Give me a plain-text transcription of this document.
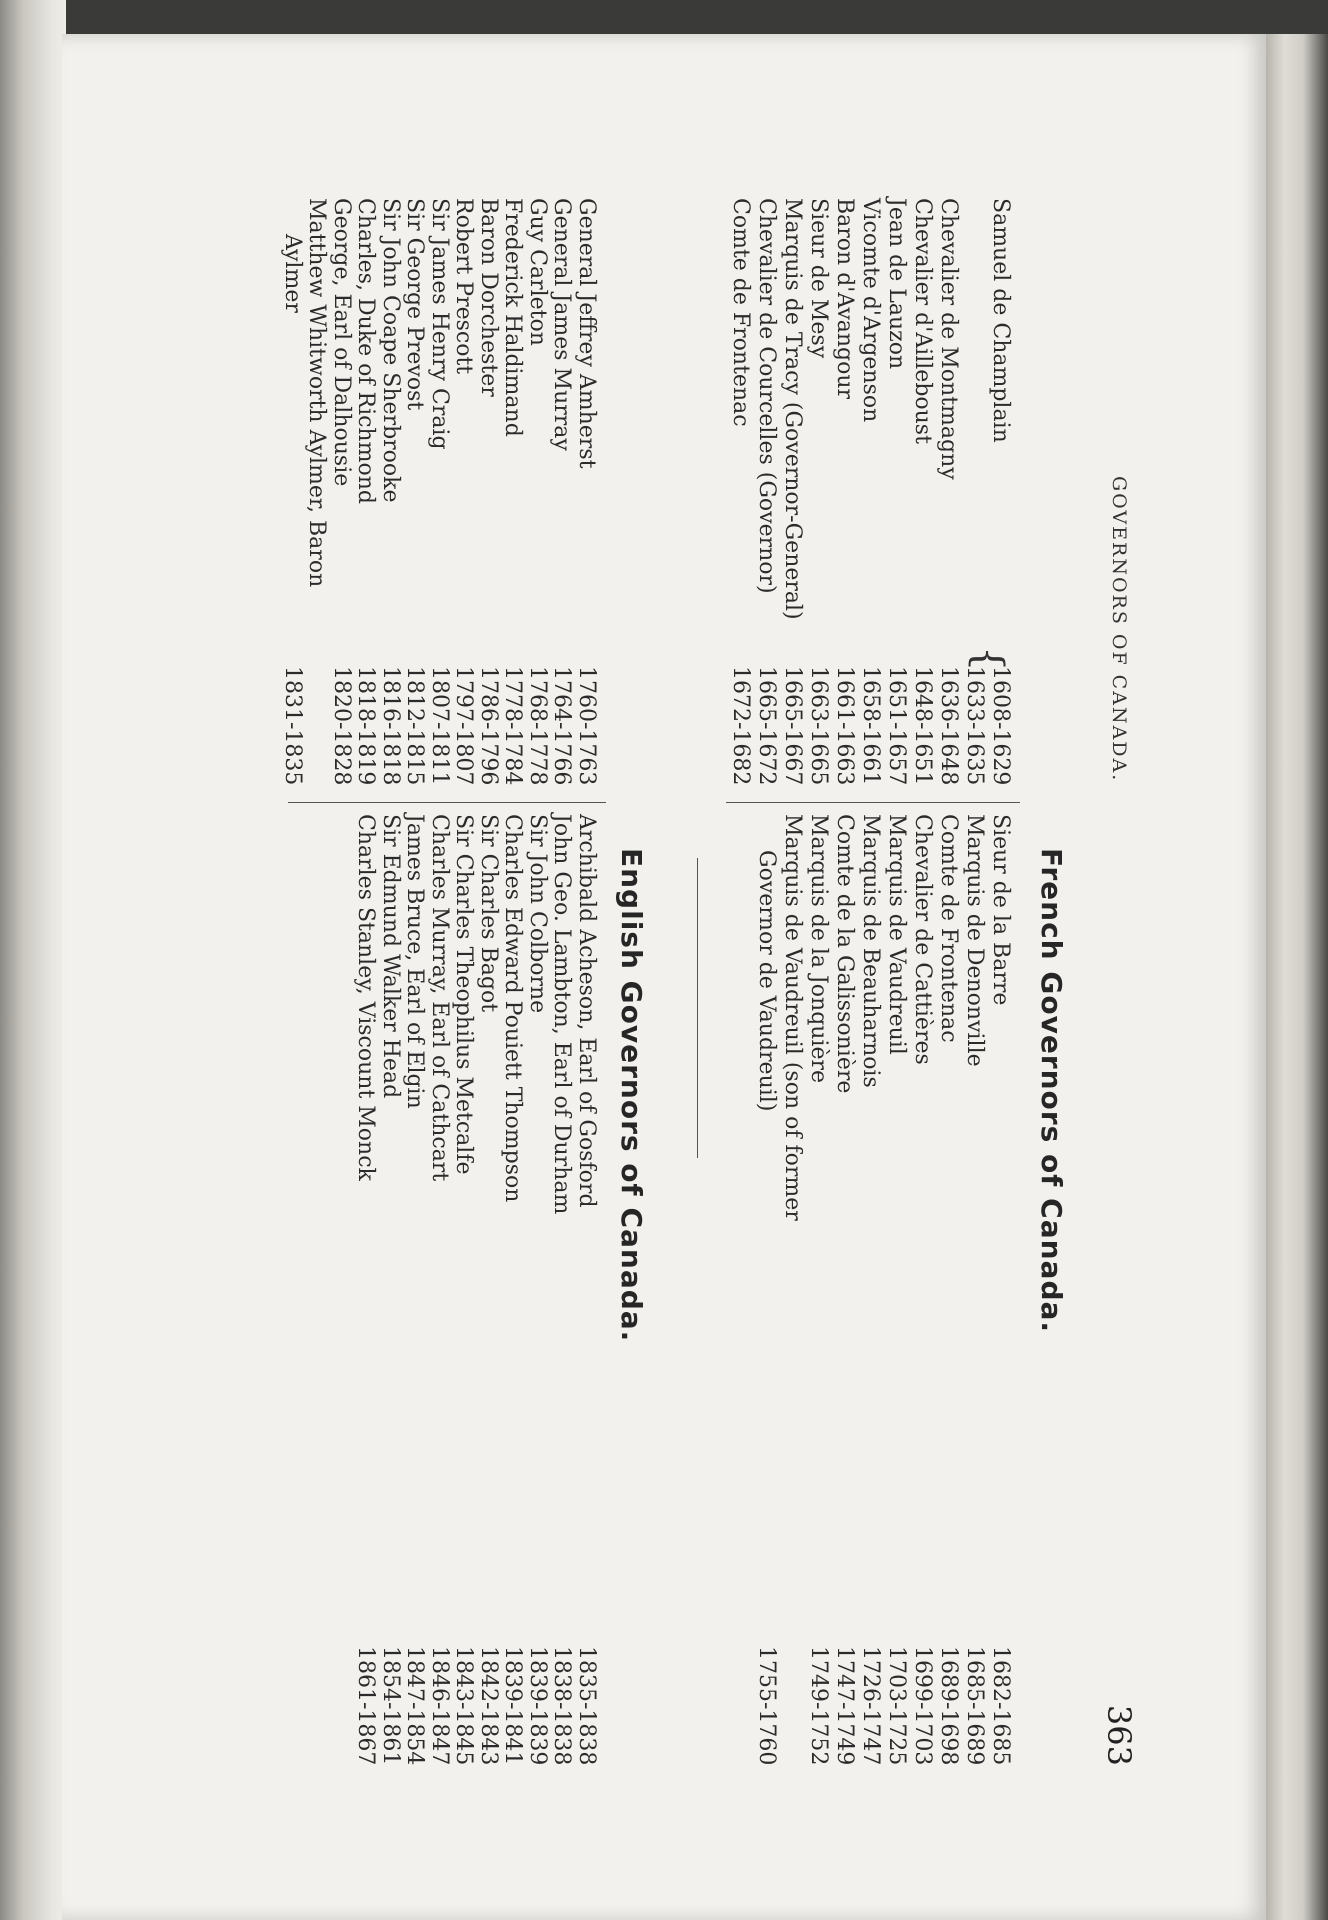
GOVERNORS OF CANADA.
363
French Governors of Canada.
Samuel de Champlain
1608-1629
1633-1635
{
Chevalier de Montmagny
1636-1648
Chevalier d'Ailleboust
1648-1651
Jean de Lauzon
1651-1657
Vicomte d'Argenson
1658-1661
Baron d'Avangour
1661-1663
Sieur de Mesy
1663-1665
Marquis de Tracy (Governor-General)
1665-1667
Chevalier de Courcelles (Governor)
1665-1672
Comte de Frontenac
1672-1682
Sieur de la Barre
1682-1685
Marquis de Denonville
1685-1689
Comte de Frontenac
1689-1698
Chevalier de Cattières
1699-1703
Marquis de Vaudreuil
1703-1725
Marquis de Beauharnois
1726-1747
Comte de la Galissonière
1747-1749
Marquis de la Jonquière
1749-1752
Marquis de Vaudreuil (son of former
Governor de Vaudreuil)
1755-1760
English Governors of Canada.
General Jeffrey Amherst
1760-1763
General James Murray
1764-1766
Guy Carleton
1768-1778
Frederick Haldimand
1778-1784
Baron Dorchester
1786-1796
Robert Prescott
1797-1807
Sir James Henry Craig
1807-1811
Sir George Prevost
1812-1815
Sir John Coape Sherbrooke
1816-1818
Charles, Duke of Richmond
1818-1819
George, Earl of Dalhousie
1820-1828
Matthew Whitworth Aylmer, Baron
Aylmer
1831-1835
Archibald Acheson, Earl of Gosford
1835-1838
John Geo. Lambton, Earl of Durham
1838-1838
Sir John Colborne
1839-1839
Charles Edward Pouiett Thompson
1839-1841
Sir Charles Bagot
1842-1843
Sir Charles Theophilus Metcalfe
1843-1845
Charles Murray, Earl of Cathcart
1846-1847
James Bruce, Earl of Elgin
1847-1854
Sir Edmund Walker Head
1854-1861
Charles Stanley, Viscount Monck
1861-1867
